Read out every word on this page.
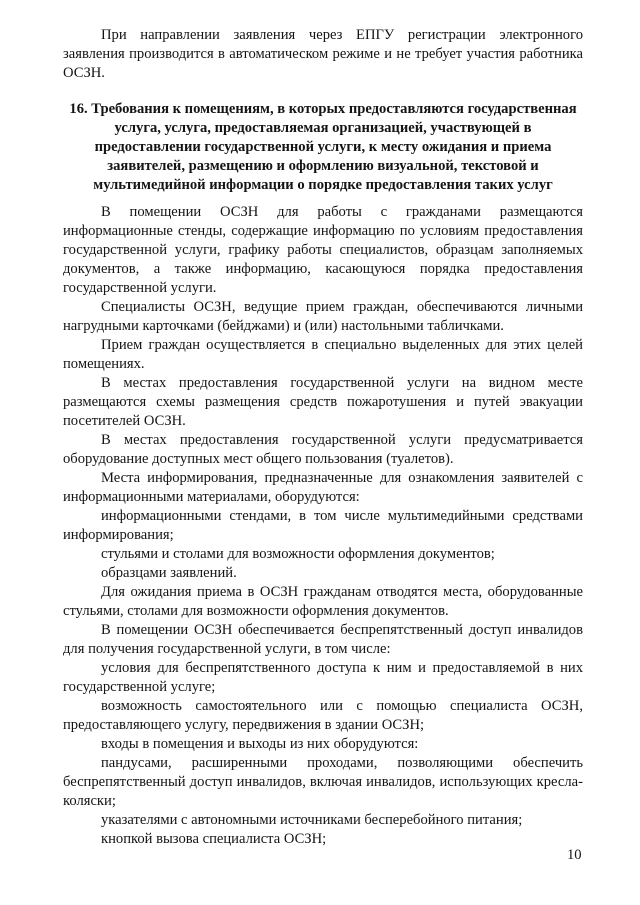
При направлении заявления через ЕПГУ регистрации электронного заявления производится в автоматическом режиме и не требует участия работника ОСЗН.

16. Требования к помещениям, в которых предоставляются государственная услуга, услуга, предоставляемая организацией, участвующей в предоставлении государственной услуги, к месту ожидания и приема заявителей, размещению и оформлению визуальной, текстовой и мультимедийной информации о порядке предоставления таких услуг

В помещении ОСЗН для работы с гражданами размещаются информационные стенды, содержащие информацию по условиям предоставления государственной услуги, графику работы специалистов, образцам заполняемых документов, а также информацию, касающуюся порядка предоставления государственной услуги.

Специалисты ОСЗН, ведущие прием граждан, обеспечиваются личными нагрудными карточками (бейджами) и (или) настольными табличками.

Прием граждан осуществляется в специально выделенных для этих целей помещениях.

В местах предоставления государственной услуги на видном месте размещаются схемы размещения средств пожаротушения и путей эвакуации посетителей ОСЗН.

В местах предоставления государственной услуги предусматривается оборудование доступных мест общего пользования (туалетов).

Места информирования, предназначенные для ознакомления заявителей с информационными материалами, оборудуются:

информационными стендами, в том числе мультимедийными средствами информирования;

стульями и столами для возможности оформления документов;

образцами заявлений.

Для ожидания приема в ОСЗН гражданам отводятся места, оборудованные стульями, столами для возможности оформления документов.

В помещении ОСЗН обеспечивается беспрепятственный доступ инвалидов для получения государственной услуги, в том числе:

условия для беспрепятственного доступа к ним и предоставляемой в них государственной услуге;

возможность самостоятельного или с помощью специалиста ОСЗН, предоставляющего услугу, передвижения в здании ОСЗН;

входы в помещения и выходы из них оборудуются:

пандусами, расширенными проходами, позволяющими обеспечить беспрепятственный доступ инвалидов, включая инвалидов, использующих кресла-коляски;

указателями с автономными источниками бесперебойного питания;

кнопкой вызова специалиста ОСЗН;

10
